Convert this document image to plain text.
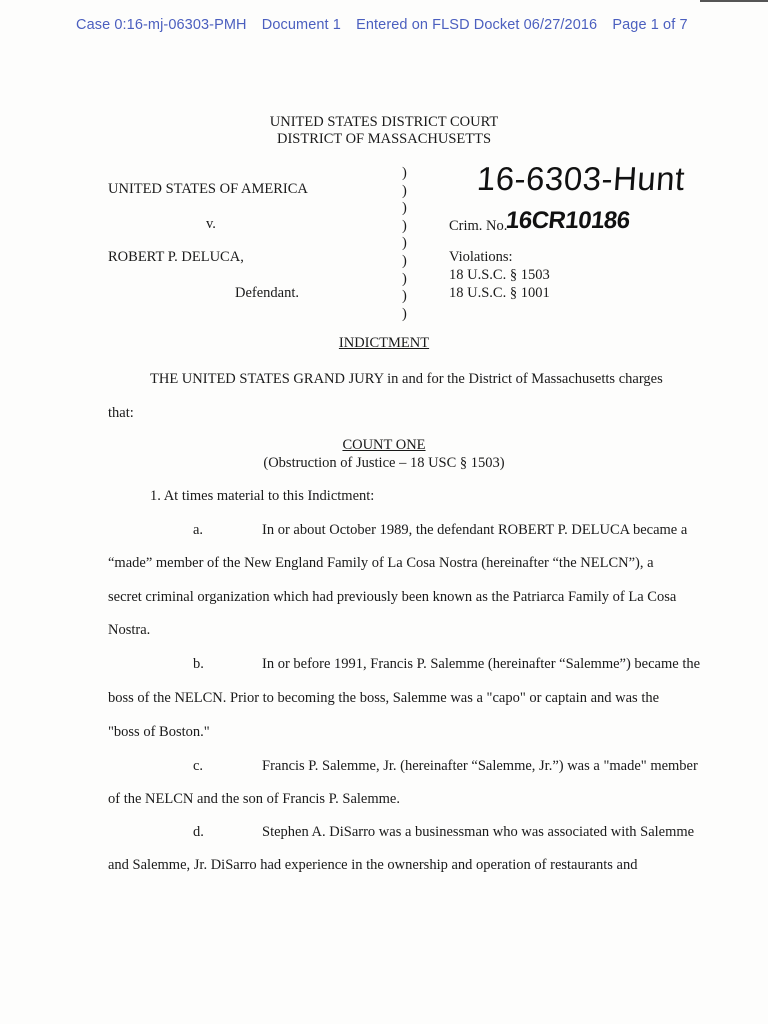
Case 0:16-mj-06303-PMH Document 1 Entered on FLSD Docket 06/27/2016 Page 1 of 7
UNITED STATES DISTRICT COURT
DISTRICT OF MASSACHUSETTS
UNITED STATES OF AMERICA
v.
ROBERT P. DELUCA,
Defendant.
)
)
)
)
)
)
)
)
)
16-6303-Hunt
Crim. No.
16CR10186
Violations:
18 U.S.C. § 1503
18 U.S.C. § 1001
INDICTMENT
THE UNITED STATES GRAND JURY in and for the District of Massachusetts charges
that:
COUNT ONE
(Obstruction of Justice – 18 USC § 1503)
1. At times material to this Indictment:
a.	In or about October 1989, the defendant ROBERT P. DELUCA became a
“made” member of the New England Family of La Cosa Nostra (hereinafter “the NELCN”), a
secret criminal organization which had previously been known as the Patriarca Family of La Cosa
Nostra.
b.	In or before 1991, Francis P. Salemme (hereinafter “Salemme”) became the
boss of the NELCN. Prior to becoming the boss, Salemme was a "capo" or captain and was the
"boss of Boston."
c.	Francis P. Salemme, Jr. (hereinafter “Salemme, Jr.”) was a "made" member
of the NELCN and the son of Francis P. Salemme.
d.	Stephen A. DiSarro was a businessman who was associated with Salemme
and Salemme, Jr. DiSarro had experience in the ownership and operation of restaurants and
